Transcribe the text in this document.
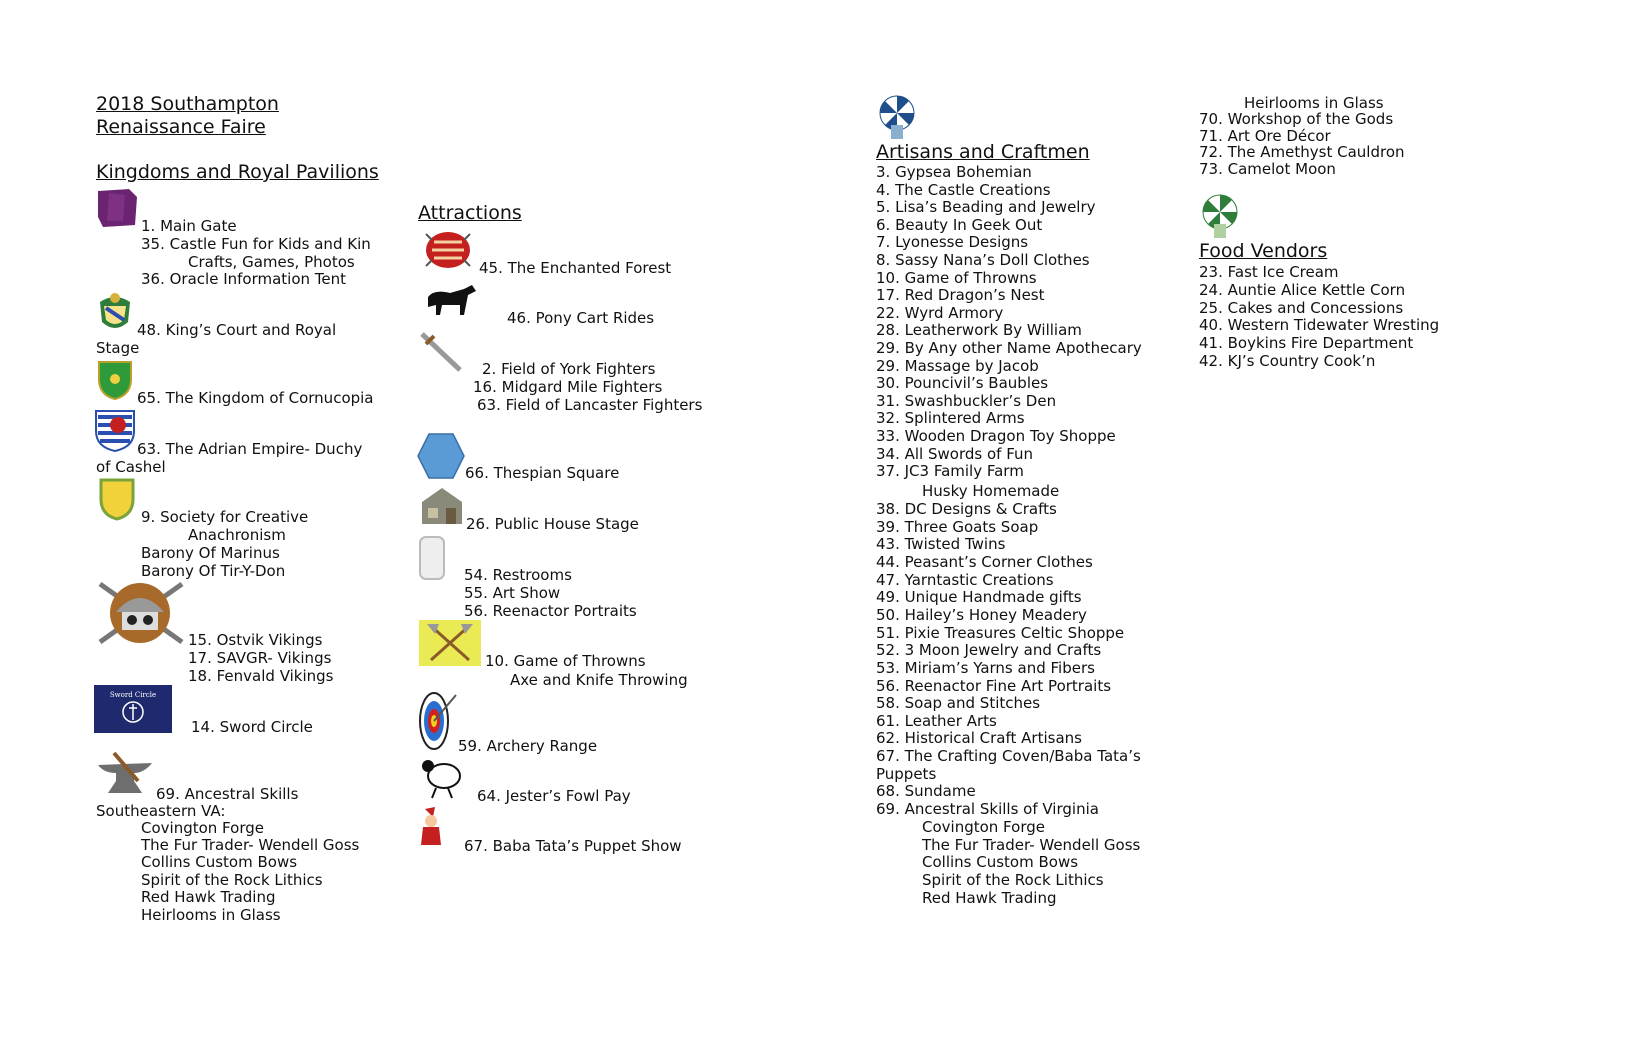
2018 Southampton
Renaissance Faire
Kingdoms and Royal Pavilions
1. Main Gate
35. Castle Fun for Kids and Kin
Crafts, Games, Photos
36. Oracle Information Tent
48. King’s Court and Royal
Stage
65. The Kingdom of Cornucopia
63. The Adrian Empire- Duchy
of Cashel
9. Society for Creative
Anachronism
Barony Of Marinus
Barony Of Tir-Y-Don
15. Ostvik Vikings
17. SAVGR- Vikings
18. Fenvald Vikings
Sword Circle
14. Sword Circle
69. Ancestral Skills
Southeastern VA:
Covington Forge
The Fur Trader- Wendell Goss
Collins Custom Bows
Spirit of the Rock Lithics
Red Hawk Trading
Heirlooms in Glass
Attractions
45. The Enchanted Forest
46. Pony Cart Rides
2. Field of York Fighters
16. Midgard Mile Fighters
63. Field of Lancaster Fighters
66. Thespian Square
26. Public House Stage
54. Restrooms
55. Art Show
56. Reenactor Portraits
10. Game of Throwns
Axe and Knife Throwing
59. Archery Range
64. Jester’s Fowl Pay
67. Baba Tata’s Puppet Show
Artisans and Craftmen
3. Gypsea Bohemian
4. The Castle Creations
5. Lisa’s Beading and Jewelry
6. Beauty In Geek Out
7. Lyonesse Designs
8. Sassy Nana’s Doll Clothes
10. Game of Throwns
17. Red Dragon’s Nest
22. Wyrd Armory
28. Leatherwork By William
29. By Any other Name Apothecary
29. Massage by Jacob
30. Pouncivil’s Baubles
31. Swashbuckler’s Den
32. Splintered Arms
33. Wooden Dragon Toy Shoppe
34. All Swords of Fun
37. JC3 Family Farm
Husky Homemade
38. DC Designs & Crafts
39. Three Goats Soap
43. Twisted Twins
44. Peasant’s Corner Clothes
47. Yarntastic Creations
49. Unique Handmade gifts
50. Hailey’s Honey Meadery
51. Pixie Treasures Celtic Shoppe
52. 3 Moon Jewelry and Crafts
53. Miriam’s Yarns and Fibers
56. Reenactor Fine Art Portraits
58. Soap and Stitches
61. Leather Arts
62. Historical Craft Artisans
67. The Crafting Coven/Baba Tata’s
Puppets
68. Sundame
69. Ancestral Skills of Virginia
Covington Forge
The Fur Trader- Wendell Goss
Collins Custom Bows
Spirit of the Rock Lithics
Red Hawk Trading
Heirlooms in Glass
70. Workshop of the Gods
71. Art Ore Décor
72. The Amethyst Cauldron
73. Camelot Moon
Food Vendors
23. Fast Ice Cream
24. Auntie Alice Kettle Corn
25. Cakes and Concessions
40. Western Tidewater Wresting
41. Boykins Fire Department
42. KJ’s Country Cook’n
